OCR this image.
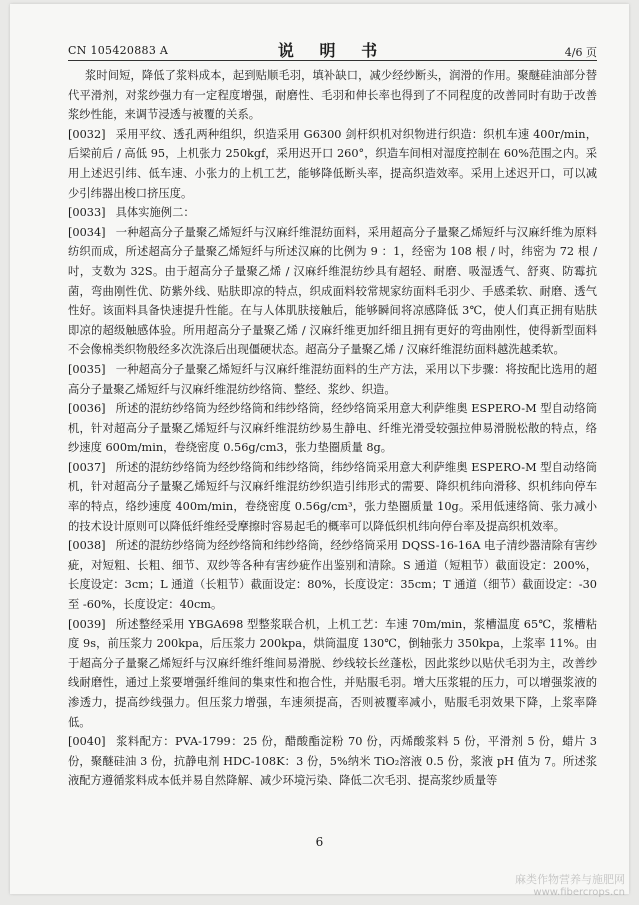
CN 105420883 A	说 明 书	4/6 页

浆时间短，降低了浆料成本，起到贴顺毛羽，填补缺口，减少经纱断头，润滑的作用。聚醚硅油部分替代平滑剂，对浆纱强力有一定程度增强，耐磨性、毛羽和伸长率也得到了不同程度的改善同时有助于改善浆纱性能，来调节浸透与被覆的关系。

[0032] 采用平纹、透孔两种组织，织造采用 G6300 剑杆织机对织物进行织造：织机车速 400r/min，后梁前后 / 高低 95，上机张力 250kgf，采用迟开口 260°，织造车间相对湿度控制在 60%范围之内。采用上述迟引纬、低车速、小张力的上机工艺，能够降低断头率，提高织造效率。采用上述迟开口，可以减少引纬器出梭口挤压度。

[0033] 具体实施例二：

[0034] 一种超高分子量聚乙烯短纤与汉麻纤维混纺面料，采用超高分子量聚乙烯短纤与汉麻纤维为原料纺织而成，所述超高分子量聚乙烯短纤与所述汉麻的比例为 9 ：1，经密为 108 根 / 吋，纬密为 72 根 / 吋，支数为 32S。由于超高分子量聚乙烯 / 汉麻纤维混纺纱具有超轻、耐磨、吸湿透气、舒爽、防霉抗菌，弯曲刚性优、防紫外线、贴肤即凉的特点，织成面料较常规家纺面料毛羽少、手感柔软、耐磨、透气性好。该面料具备快速提升性能。在与人体肌肤接触后，能够瞬间将凉感降低 3℃，使人们真正拥有贴肤即凉的超级触感体验。所用超高分子量聚乙烯 / 汉麻纤维更加纤细且拥有更好的弯曲刚性，使得新型面料不会像棉类织物般经多次洗涤后出现僵硬状态。超高分子量聚乙烯 / 汉麻纤维混纺面料越洗越柔软。

[0035] 一种超高分子量聚乙烯短纤与汉麻纤维混纺面料的生产方法，采用以下步骤：将按配比选用的超高分子量聚乙烯短纤与汉麻纤维混纺纱络筒、整经、浆纱、织造。

[0036] 所述的混纺纱络筒为经纱络筒和纬纱络筒，经纱络筒采用意大利萨维奥 ESPERO-M 型自动络筒机，针对超高分子量聚乙烯短纤与汉麻纤维混纺纱易生静电、纤维光滑受较强拉伸易滑脱松散的特点，络纱速度 600m/min，卷绕密度 0.56g/cm3，张力垫圈质量 8g。

[0037] 所述的混纺纱络筒为经纱络筒和纬纱络筒，纬纱络筒采用意大利萨维奥 ESPERO-M 型自动络筒机，针对超高分子量聚乙烯短纤与汉麻纤维混纺纱织造引纬形式的需要、降织机纬向滑移、织机纬向停车率的特点，络纱速度 400m/min，卷绕密度 0.56g/cm³，张力垫圈质量 10g。采用低速络筒、张力减小的技术设计原则可以降低纤维经受摩擦时容易起毛的概率可以降低织机纬向停台率及提高织机效率。

[0038] 所述的混纺纱络筒为经纱络筒和纬纱络筒，经纱络筒采用 DQSS-16-16A 电子清纱器清除有害纱疵，对短粗、长粗、细节、双纱等各种有害纱疵作出鉴别和清除。S 通道（短粗节）截面设定：200%，长度设定：3cm；L 通道（长粗节）截面设定：80%，长度设定：35cm；T 通道（细节）截面设定：-30 至 -60%，长度设定：40cm。

[0039] 所述整经采用 YBGA698 型整浆联合机，上机工艺：车速 70m/min，浆槽温度 65℃，浆槽粘度 9s，前压浆力 200kpa，后压浆力 200kpa，烘筒温度 130℃，倒轴张力 350kpa，上浆率 11%。由于超高分子量聚乙烯短纤与汉麻纤维纤维间易滑脱、纱线较长丝蓬松，因此浆纱以贴伏毛羽为主，改善纱线耐磨性，通过上浆要增强纤维间的集束性和抱合性，并贴服毛羽。增大压浆辊的压力，可以增强浆液的渗透力，提高纱线强力。但压浆力增强，车速须提高，否则被覆率减小，贴服毛羽效果下降，上浆率降低。

[0040] 浆料配方：PVA-1799：25 份，醋酸酯淀粉 70 份，丙烯酸浆料 5 份，平滑剂 5 份，蜡片 3 份，聚醚硅油 3 份，抗静电剂 HDC-108K：3 份，5%纳米 TiO₂溶液 0.5 份，浆液 pH 值为 7。所述浆液配方遵循浆料成本低并易自然降解、减少环境污染、降低二次毛羽、提高浆纱质量等

6
麻类作物营养与施肥网
www.fibercrops.cn
